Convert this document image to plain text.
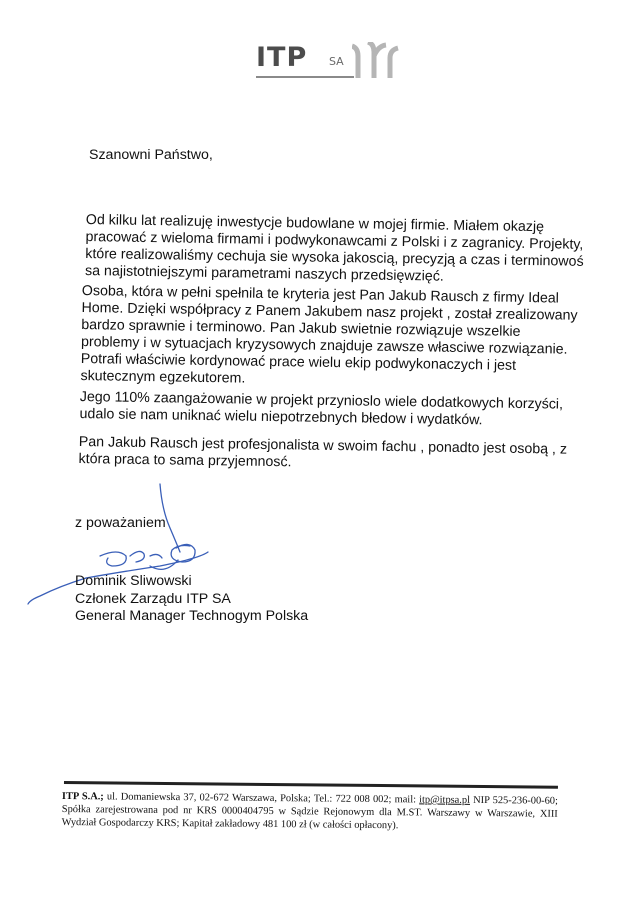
ITP SA
Szanowni Państwo,
Od kilku lat realizuję inwestycje budowlane w mojej firmie. Miałem okazję pracować z wieloma firmami i podwykonawcami z Polski i z zagranicy. Projekty, które realizowaliśmy cechuja sie wysoka jakoscią, precyzją a czas i terminowoś sa najistotniejszymi parametrami naszych przedsięwzięć.
Osoba, która w pełni spełnila te kryteria jest Pan Jakub Rausch z firmy Ideal Home. Dzięki współpracy z Panem Jakubem nasz projekt , został zrealizowany bardzo sprawnie i terminowo. Pan Jakub swietnie rozwiązuje wszelkie problemy i w sytuacjach kryzysowych znajduje zawsze własciwe rozwiązanie. Potrafi właściwie kordynować prace wielu ekip podwykonaczych i jest skutecznym egzekutorem.
Jego 110% zaangażowanie w projekt przynioslo wiele dodatkowych korzyści, udalo sie nam uniknać wielu niepotrzebnych błedow i wydatków.
Pan Jakub Rausch jest profesjonalista w swoim fachu , ponadto jest osobą , z która praca to sama przyjemnosć.
z poważaniem
Dominik Sliwowski
Członek Zarządu ITP SA
General Manager Technogym Polska
ITP S.A.; ul. Domaniewska 37, 02-672 Warszawa, Polska; Tel.: 722 008 002; mail: itp@itpsa.pl NIP 525-236-00-60; Spółka zarejestrowana pod nr KRS 0000404795 w Sądzie Rejonowym dla M.ST. Warszawy w Warszawie, XIII Wydział Gospodarczy KRS; Kapitał zakładowy 481 100 zł (w całości opłacony).
